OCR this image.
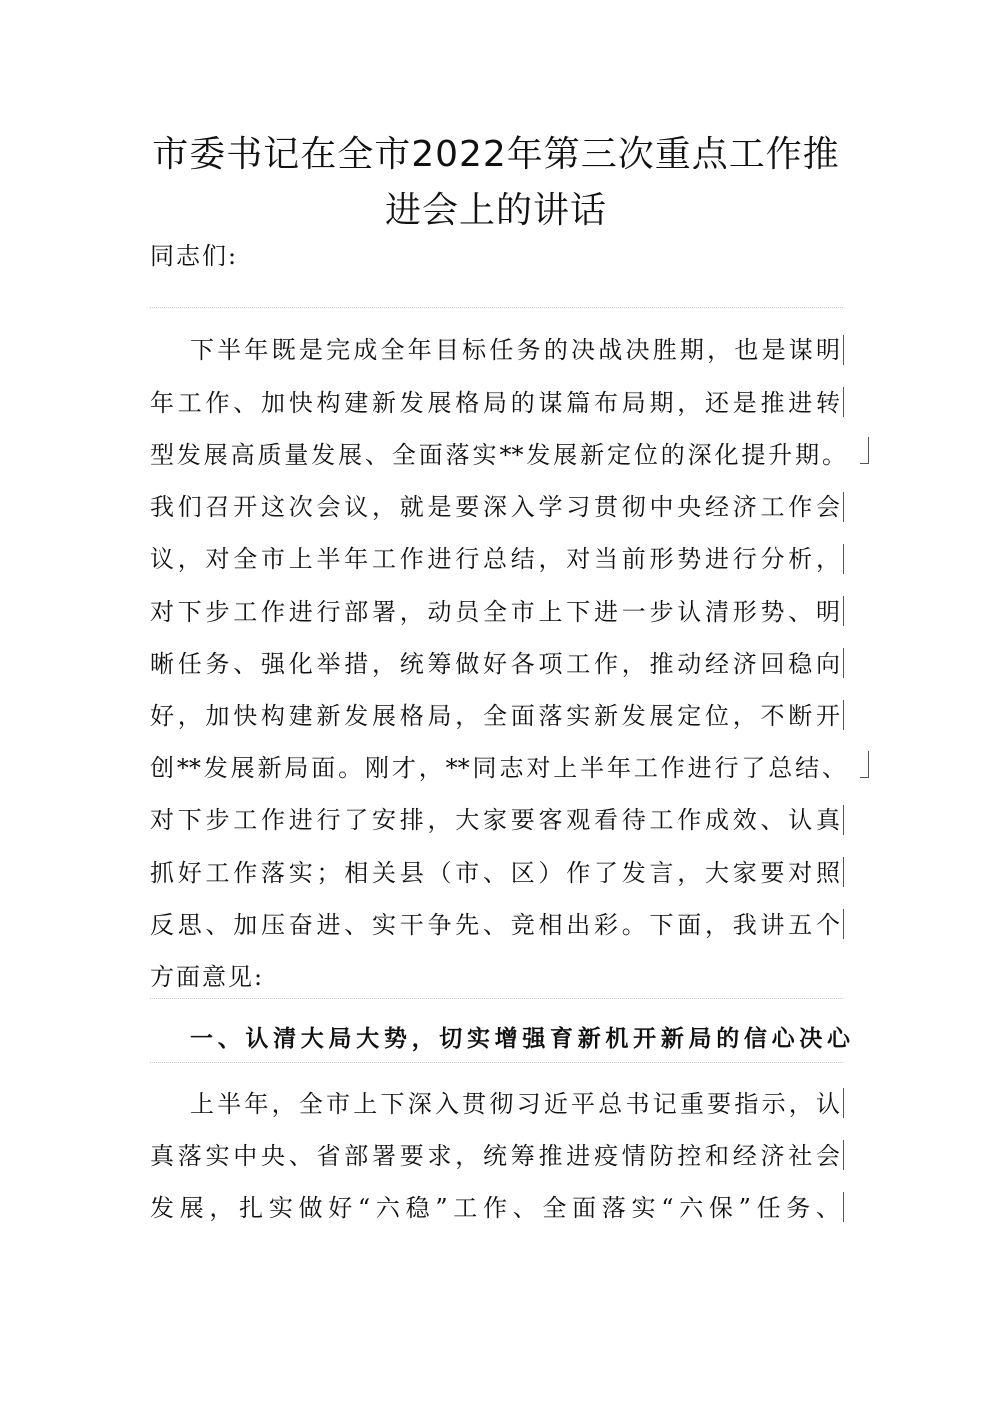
市委书记在全市2022年第三次重点工作推
进会上的讲话
同志们:
下半年既是完成全年目标任务的决战决胜期，也是谋明
年工作、加快构建新发展格局的谋篇布局期，还是推进转
型发展高质量发展、全面落实**发展新定位的深化提升期。
我们召开这次会议，就是要深入学习贯彻中央经济工作会
议，对全市上半年工作进行总结，对当前形势进行分析，
对下步工作进行部署，动员全市上下进一步认清形势、明
晰任务、强化举措，统筹做好各项工作，推动经济回稳向
好，加快构建新发展格局，全面落实新发展定位，不断开
创**发展新局面。刚才，**同志对上半年工作进行了总结、
对下步工作进行了安排，大家要客观看待工作成效、认真
抓好工作落实；相关县（市、区）作了发言，大家要对照
反思、加压奋进、实干争先、竞相出彩。下面，我讲五个
方面意见:
一、认清大局大势，切实增强育新机开新局的信心决心
上半年，全市上下深入贯彻习近平总书记重要指示，认
真落实中央、省部署要求，统筹推进疫情防控和经济社会
发展，扎实做好“六稳”工作、全面落实“六保”任务、
